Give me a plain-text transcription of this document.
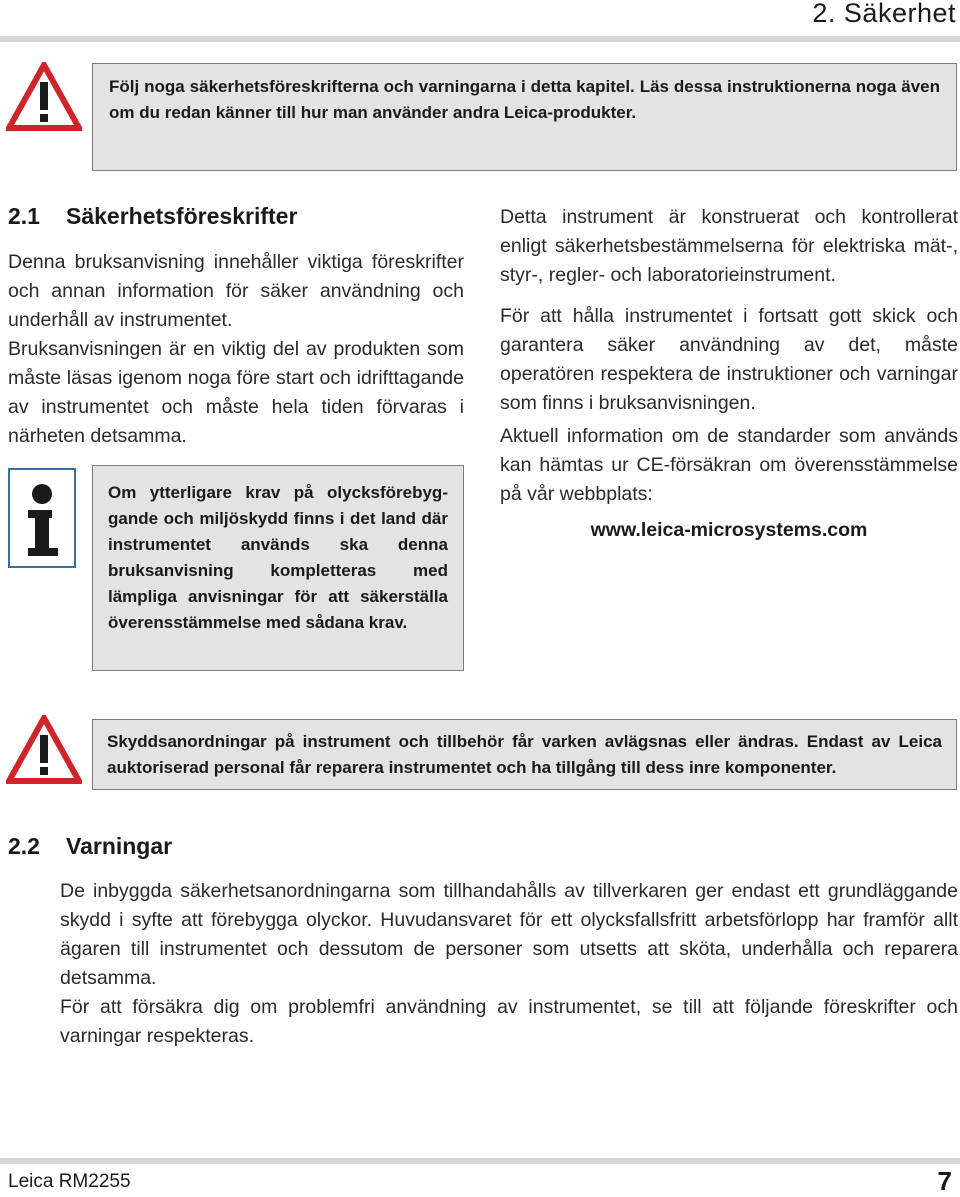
2. Säkerhet

Följ noga säkerhetsföreskrifterna och varningarna i detta kapitel. Läs dessa instruktionerna noga även om du redan känner till hur man använder andra Leica-produkter.

2.1 Säkerhetsföreskrifter

Denna bruksanvisning innehåller viktiga föreskrifter och annan information för säker användning och underhåll av instrumentet.

Bruksanvisningen är en viktig del av produkten som måste läsas igenom noga före start och idrifttagande av instrumentet och måste hela tiden förvaras i närheten detsamma.

Om ytterligare krav på olycksförebyggande och miljöskydd finns i det land där instrumentet används ska denna bruksanvisning kompletteras med lämpliga anvisningar för att säkerställa överensstämmelse med sådana krav.

Detta instrument är konstruerat och kontrollerat enligt säkerhetsbestämmelserna för elektriska mät-, styr-, regler- och laboratorieinstrument.

För att hålla instrumentet i fortsatt gott skick och garantera säker användning av det, måste operatören respektera de instruktioner och varningar som finns i bruksanvisningen.

Aktuell information om de standarder som används kan hämtas ur CE-försäkran om överensstämmelse på vår webbplats:

www.leica-microsystems.com

Skyddsanordningar på instrument och tillbehör får varken avlägsnas eller ändras. Endast av Leica auktoriserad personal får reparera instrumentet och ha tillgång till dess inre komponenter.

2.2 Varningar

De inbyggda säkerhetsanordningarna som tillhandahålls av tillverkaren ger endast ett grundläggande skydd i syfte att förebygga olyckor. Huvudansvaret för ett olycksfallsfritt arbetsförlopp har framför allt ägaren till instrumentet och dessutom de personer som utsetts att sköta, underhålla och reparera detsamma.

För att försäkra dig om problemfri användning av instrumentet, se till att följande föreskrifter och varningar respekteras.

Leica RM2255	7
